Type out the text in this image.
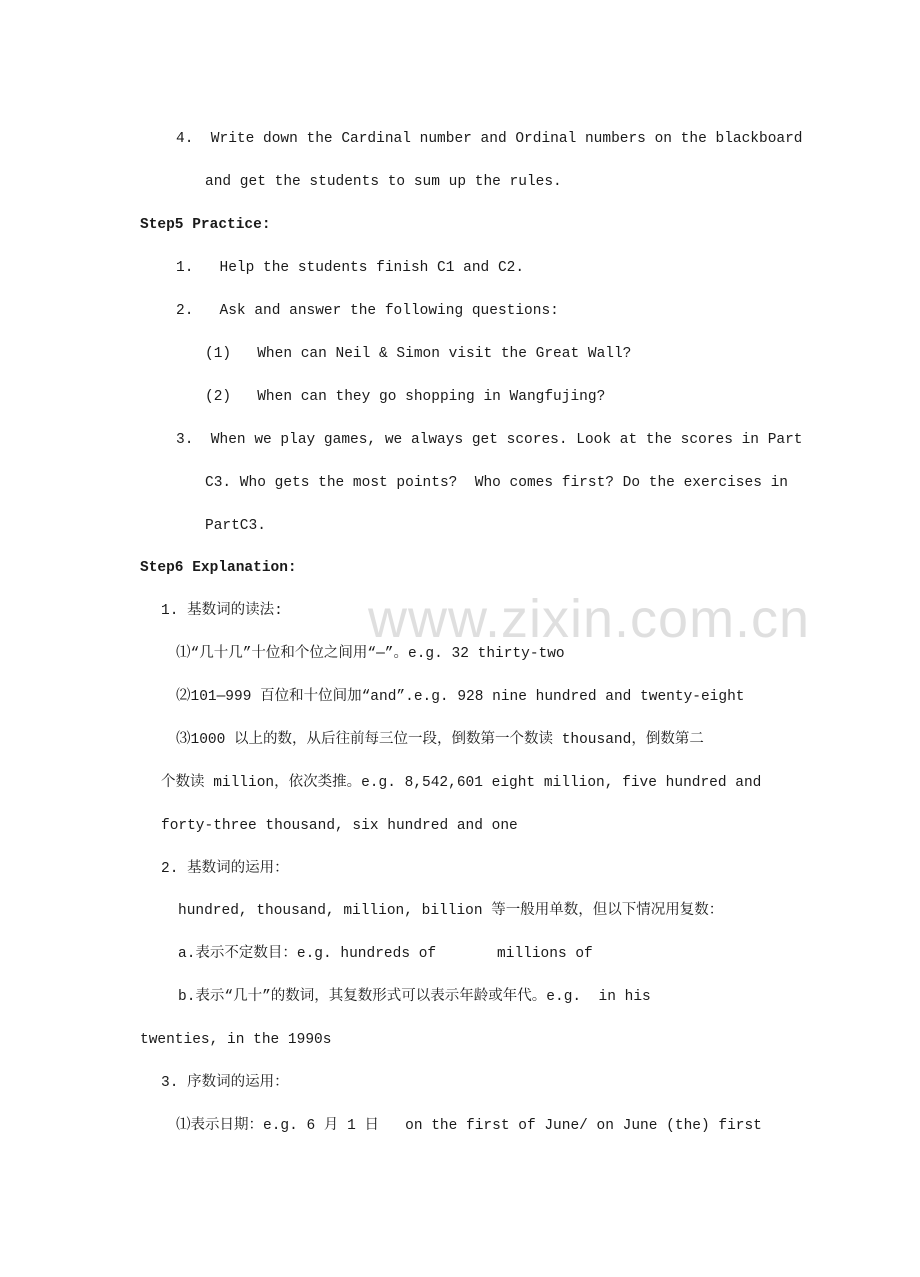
www.zixin.com.cn
4.  Write down the Cardinal number and Ordinal numbers on the blackboard
and get the students to sum up the rules.
Step5 Practice:
1.   Help the students finish C1 and C2.
2.   Ask and answer the following questions:
(1)   When can Neil & Simon visit the Great Wall?
(2)   When can they go shopping in Wangfujing?
3.  When we play games, we always get scores. Look at the scores in Part
C3. Who gets the most points?  Who comes first? Do the exercises in
PartC3.
Step6 Explanation:
1. 基数词的读法:
⑴“几十几”十位和个位之间用“—”。e.g. 32 thirty-two
⑵101—999 百位和十位间加“and”.e.g. 928 nine hundred and twenty-eight
⑶1000 以上的数，从后往前每三位一段，倒数第一个数读 thousand，倒数第二
个数读 million，依次类推。e.g. 8,542,601 eight million, five hundred and
forty-three thousand, six hundred and one
2. 基数词的运用：
hundred, thousand, million, billion 等一般用单数，但以下情况用复数：
a.表示不定数目：e.g. hundreds of       millions of
b.表示“几十”的数词，其复数形式可以表示年龄或年代。e.g.  in his
twenties, in the 1990s
3. 序数词的运用：
⑴表示日期：e.g. 6 月 1 日   on the first of June/ on June (the) first
